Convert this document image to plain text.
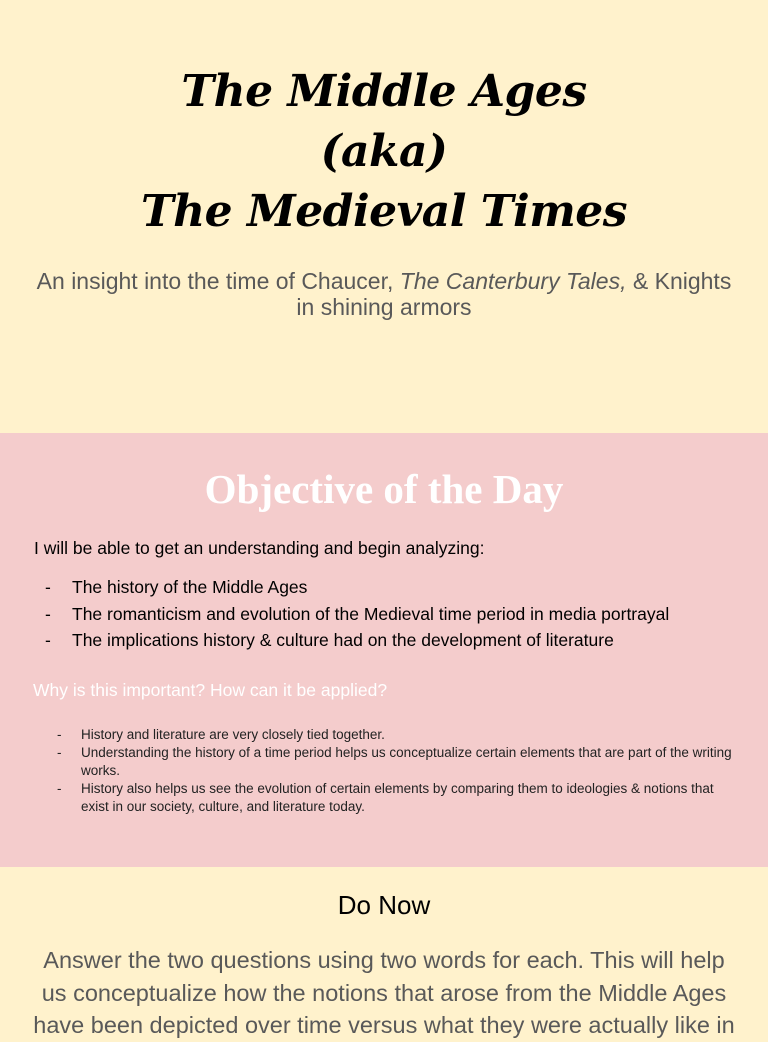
The Middle Ages
(aka)
The Medieval Times
An insight into the time of Chaucer, The Canterbury Tales, & Knights in shining armors
Objective of the Day
I will be able to get an understanding and begin analyzing:
- The history of the Middle Ages
- The romanticism and evolution of the Medieval time period in media portrayal
- The implications history & culture had on the development of literature
Why is this important? How can it be applied?
- History and literature are very closely tied together.
- Understanding the history of a time period helps us conceptualize certain elements that are part of the writing works.
- History also helps us see the evolution of certain elements by comparing them to ideologies & notions that exist in our society, culture, and literature today.
Do Now
Answer the two questions using two words for each. This will help us conceptualize how the notions that arose from the Middle Ages have been depicted over time versus what they were actually like in
